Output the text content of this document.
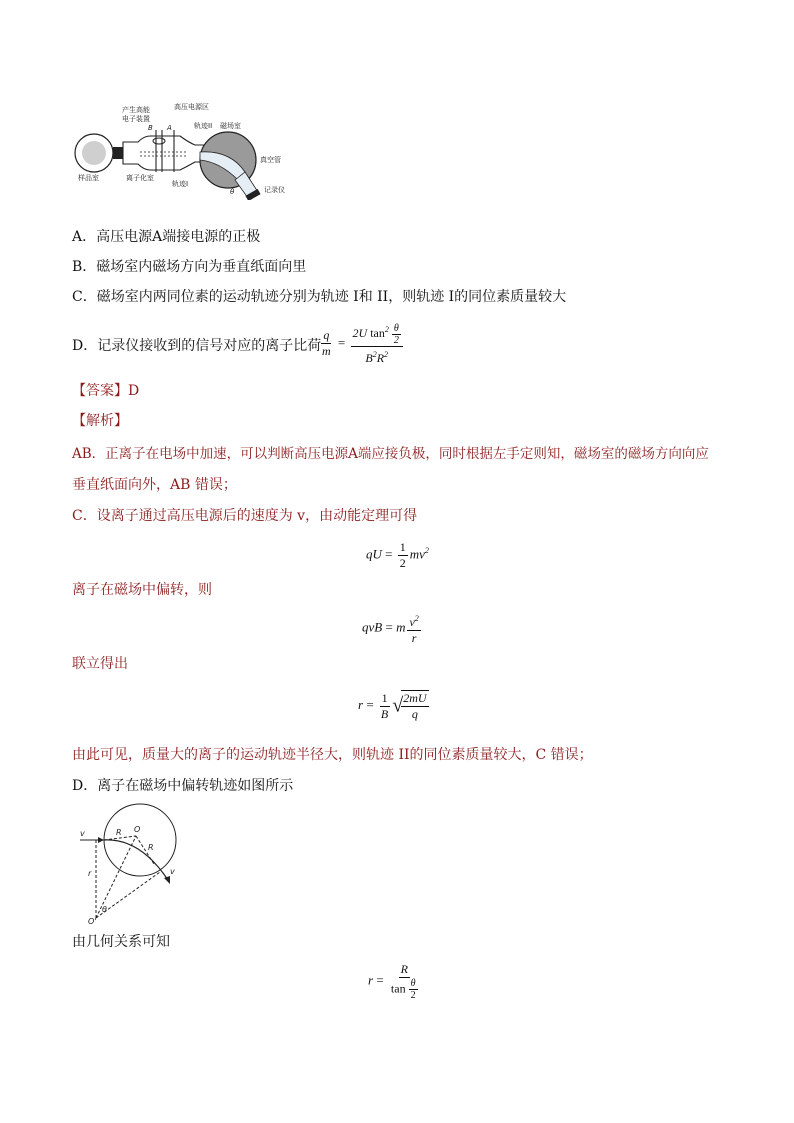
产生高能
电子装置
高压电源区
B A	轨迹II 磁场室
真空管
样品室	离子化室
轨迹I
θ	记录仪
A．高压电源A端接电源的正极
B．磁场室内磁场方向为垂直纸面向里
C．磁场室内两同位素的运动轨迹分别为轨迹 I和 II，则轨迹 I的同位素质量较大
D．记录仪接收到的信号对应的离子比荷
$\frac{q}{m} = \frac{2U \tan^2 \frac{\theta}{2}}{B^2R^2}$
【答案】D
【解析】
AB．正离子在电场中加速，可以判断高压电源A端应接负极，同时根据左手定则知，磁场室的磁场方向向应
垂直纸面向外，AB 错误；
C．设离子通过高压电源后的速度为 v，由动能定理可得
qU = $\frac{1}{2} mv^2$
离子在磁场中偏转，则
qvB = m $\frac{v^2}{r}$
联立得出
$r = \frac{1}{B}$ √
$\frac{2mU}{q}$
由此可见，质量大的离子的运动轨迹半径大，则轨迹 II的同位素质量较大，C 错误；
D．离子在磁场中偏转轨迹如图所示
v	R O
R
r	v
θ
O'
由几何关系可知
$r = \frac{R}{\tan \frac{\theta}{2}}$
